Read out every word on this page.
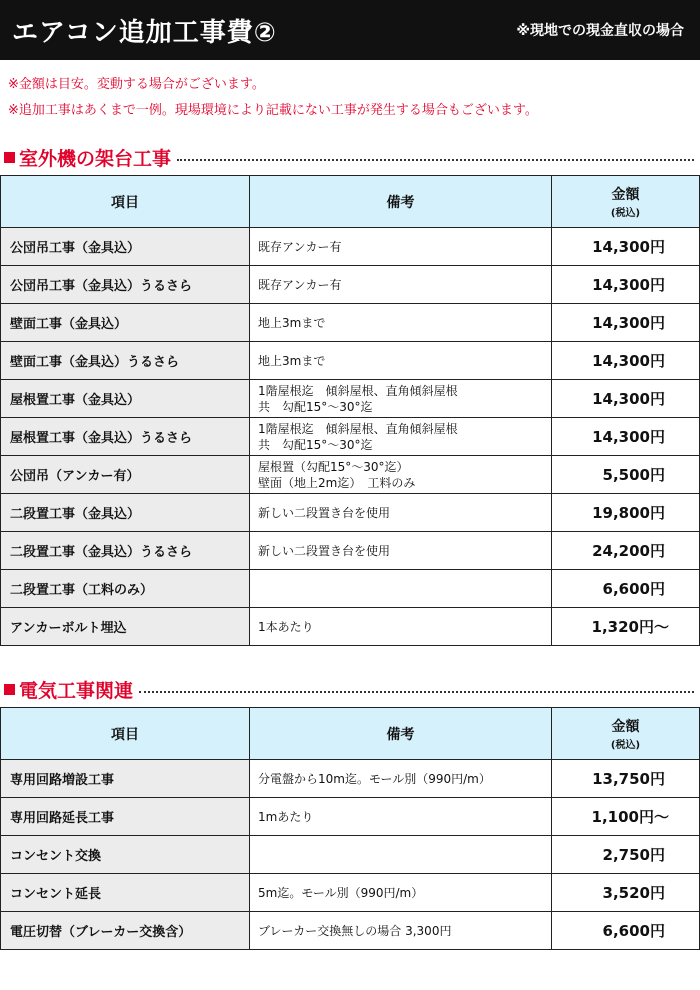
エアコン追加工事費②	※現地での現金直収の場合
※金額は目安。変動する場合がございます。
※追加工事はあくまで一例。現場環境により記載にない工事が発生する場合もございます。
室外機の架台工事
項目	備考	金額
(税込)

公団吊工事（金具込）	既存アンカー有	14,300円
公団吊工事（金具込）うるさら	既存アンカー有	14,300円
壁面工事（金具込）	地上3mまで	14,300円
壁面工事（金具込）うるさら	地上3mまで	14,300円
屋根置工事（金具込）	1階屋根迄　傾斜屋根、直角傾斜屋根
共　勾配15°〜30°迄	14,300円
屋根置工事（金具込）うるさら	1階屋根迄　傾斜屋根、直角傾斜屋根
共　勾配15°〜30°迄	14,300円
公団吊（アンカー有）	屋根置（勾配15°〜30°迄）
壁面（地上2m迄）　工料のみ	5,500円
二段置工事（金具込）	新しい二段置き台を使用	19,800円
二段置工事（金具込）うるさら	新しい二段置き台を使用	24,200円
二段置工事（工料のみ）		6,600円
アンカーボルト埋込	1本あたり	1,320円〜
電気工事関連
項目	備考	金額
(税込)

専用回路増設工事	分電盤から10m迄。モール別（990円/m）	13,750円
専用回路延長工事	1mあたり	1,100円〜
コンセント交換		2,750円
コンセント延長	5m迄。モール別（990円/m）	3,520円
電圧切替（ブレーカー交換含）	ブレーカー交換無しの場合 3,300円	6,600円
